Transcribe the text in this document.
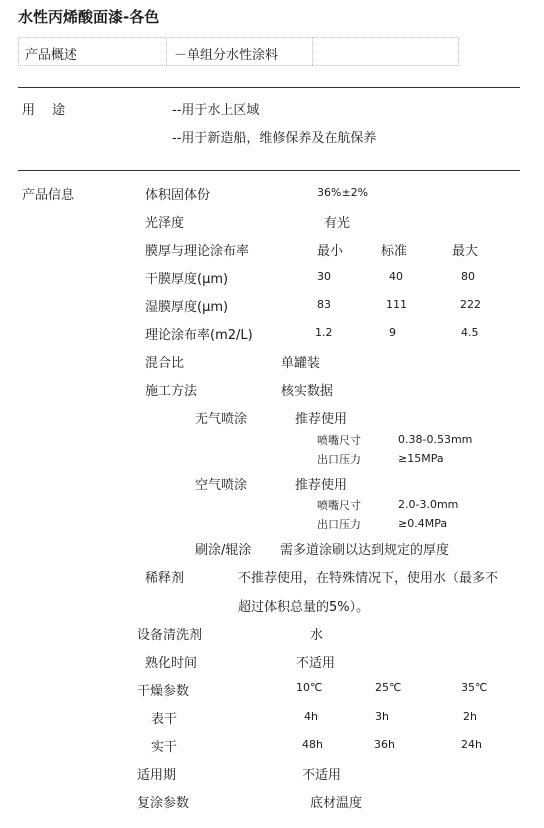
水性丙烯酸面漆-各色
产品概述	－单组分水性涂料
用　 途	--用于水上区域
--用于新造船，维修保养及在航保养
产品信息	体积固体份	36%±2%
光泽度	有光
膜厚与理论涂布率	最小	标准	最大
干膜厚度(μm)	30	40	80
湿膜厚度(μm)	83	111	222
理论涂布率(m2/L)	1.2	9	4.5
混合比	单罐装
施工方法	核实数据
无气喷涂	推荐使用
喷嘴尺寸	0.38-0.53mm
出口压力	≥15MPa
空气喷涂	推荐使用
喷嘴尺寸	2.0-3.0mm
出口压力	≥0.4MPa
刷涂/辊涂 需多道涂刷以达到规定的厚度
稀释剂	不推荐使用，在特殊情况下，使用水（最多不
超过体积总量的5%）。
设备清洗剂	水
熟化时间	不适用
干燥参数	10℃	25℃	35℃
表干	4h	3h	2h
实干	48h	36h	24h
适用期	不适用
复涂参数	底材温度
